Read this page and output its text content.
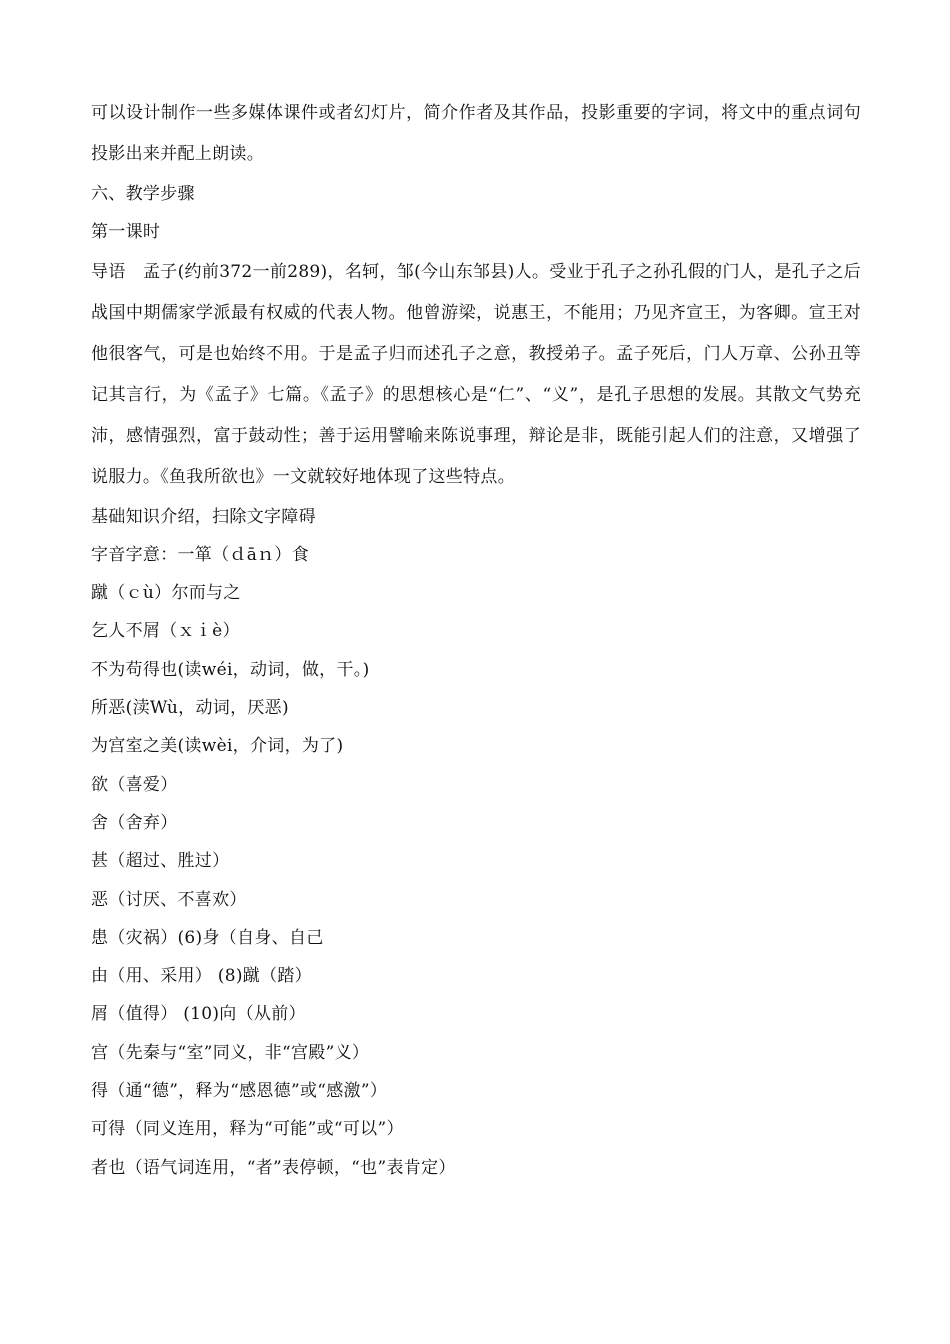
可以设计制作一些多媒体课件或者幻灯片，简介作者及其作品，投影重要的字词，将文中的重点词句投影出来并配上朗读。

六、教学步骤

第一课时

导语　孟子(约前372一前289)，名轲，邹(今山东邹县)人。受业于孔子之孙孔假的门人，是孔子之后战国中期儒家学派最有权威的代表人物。他曾游梁，说惠王，不能用；乃见齐宣王，为客卿。宣王对他很客气，可是也始终不用。于是孟子归而述孔子之意，教授弟子。孟子死后，门人万章、公孙丑等记其言行，为《孟子》七篇。《孟子》的思想核心是“仁”、“义”，是孔子思想的发展。其散文气势充沛，感情强烈，富于鼓动性；善于运用譬喻来陈说事理，辩论是非，既能引起人们的注意，又增强了说服力。《鱼我所欲也》一文就较好地体现了这些特点。

基础知识介绍，扫除文字障碍

字音字意：一箪（ｄāｎ）食

蹴（ｃù）尔而与之

乞人不屑（ｘｉè）

不为苟得也(读wéi，动词，做，干。)

所恶(渎Wù，动词，厌恶)

为宫室之美(读wèi，介词，为了)

欲（喜爱）

舍（舍弃）

甚（超过、胜过）

恶（讨厌、不喜欢）

患（灾祸）(6)身（自身、自己

由（用、采用） (8)蹴（踏）

屑（值得） (10)向（从前）

宫（先秦与“室”同义，非“宫殿”义）

得（通“德”，释为“感恩德”或“感激”）

可得（同义连用，释为“可能”或“可以”）

者也（语气词连用，“者”表停顿，“也”表肯定）
